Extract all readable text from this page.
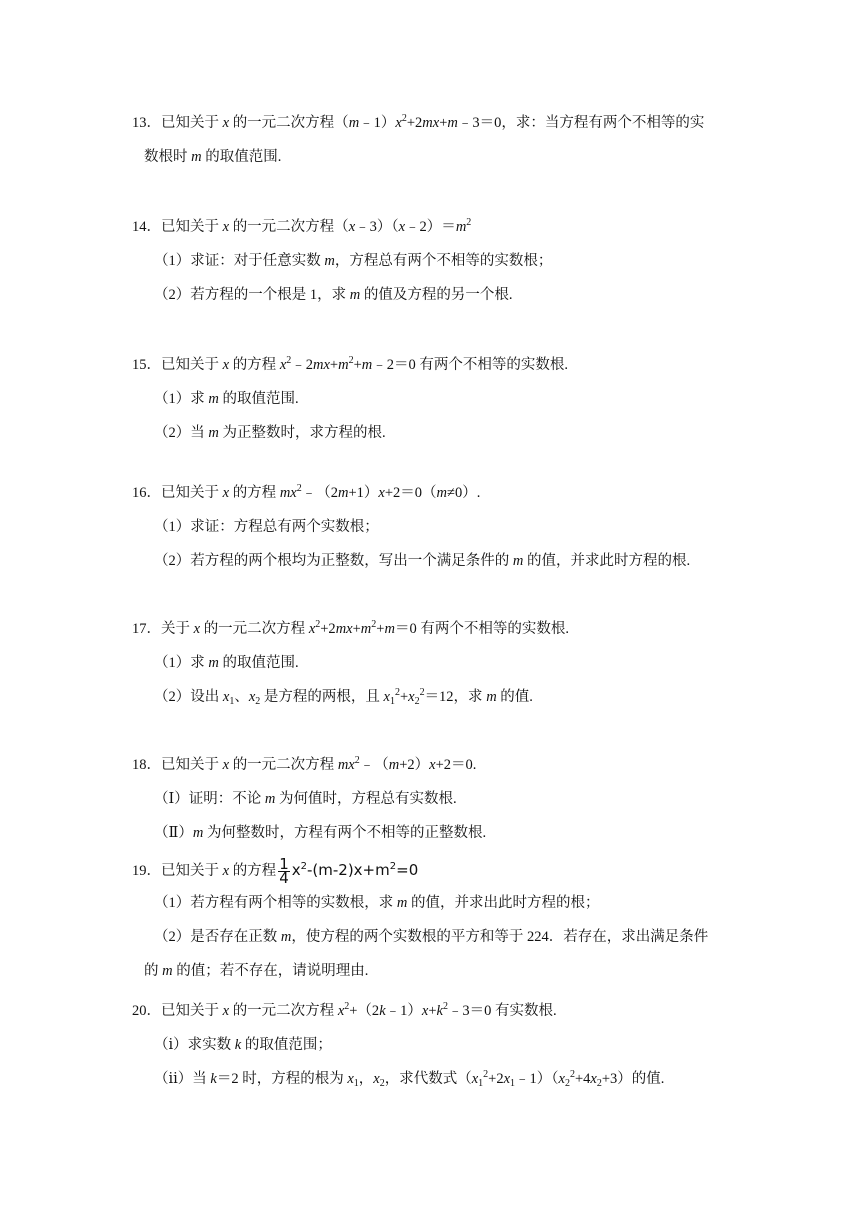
13．已知关于 x 的一元二次方程$(m﹣1)x^2+2mx+m﹣3=0$，求：当方程有两个不相等的实
数根时 m 的取值范围.
14．已知关于 x 的一元二次方程$(x﹣3)(x﹣2)=m^2$
（1）求证：对于任意实数 m，方程总有两个不相等的实数根；
（2）若方程的一个根是 1，求 m 的值及方程的另一个根.
15．已知关于 x 的方程 $x^2﹣2mx+m^2+m﹣2=0$ 有两个不相等的实数根.
（1）求 m 的取值范围.
（2）当 m 为正整数时，求方程的根.
16．已知关于 x 的方程 $mx^2﹣(2m+1)x+2=0(m\ne 0)$.
（1）求证：方程总有两个实数根；
（2）若方程的两个根均为正整数，写出一个满足条件的 m 的值，并求此时方程的根.
17．关于 x 的一元二次方程 $x^2+2mx+m^2+m=0$ 有两个不相等的实数根.
（1）求 m 的取值范围.
（2）设出 $x_1$、$x_2$ 是方程的两根，且 $x_1^2+x_2^2=12$，求 m 的值.
18．已知关于 x 的一元二次方程 $mx^2﹣(m+2)x+2=0$.
（Ⅰ）证明：不论 m 为何值时，方程总有实数根.
（Ⅱ）m 为何整数时，方程有两个不相等的正整数根.
19．已知关于 x 的方程 $\frac{1}{4} x^2-(m-2)x+m^2=0$
（1）若方程有两个相等的实数根，求 m 的值，并求出此时方程的根；
（2）是否存在正数 m，使方程的两个实数根的平方和等于 224．若存在，求出满足条件
的 m 的值；若不存在，请说明理由.
20．已知关于 x 的一元二次方程 $x^2+(2k﹣1)x+k^2﹣3=0$ 有实数根.
（ⅰ）求实数 k 的取值范围；
（ⅱ）当 k＝2 时，方程的根为 $x_1$，$x_2$，求代数式$(x_1^2+2x_1﹣1)(x_2^2+4x_2+3)$的值.
